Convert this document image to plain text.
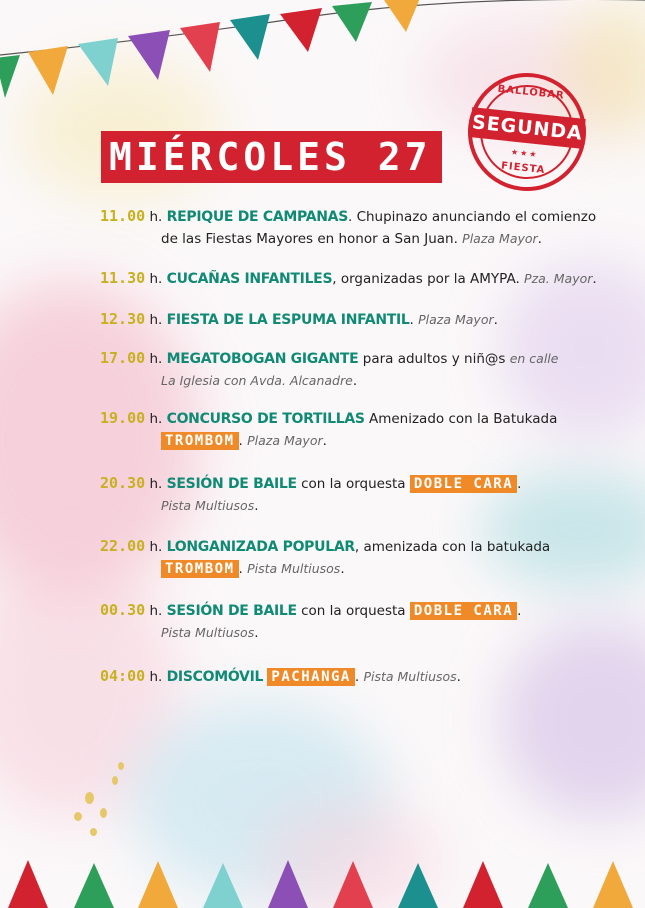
MIÉRCOLES 27
BALLOBAR
SEGUNDA
★★★
FIESTA
11.00 h. REPIQUE DE CAMPANAS. Chupinazo anunciando el comienzo
de las Fiestas Mayores en honor a San Juan. Plaza Mayor.
11.30 h. CUCAÑAS INFANTILES, organizadas por la AMYPA. Pza. Mayor.
12.30 h. FIESTA DE LA ESPUMA INFANTIL. Plaza Mayor.
17.00 h. MEGATOBOGAN GIGANTE para adultos y niñ@s en calle
La Iglesia con Avda. Alcanadre.
19.00 h. CONCURSO DE TORTILLAS Amenizado con la Batukada
TROMBOM . Plaza Mayor.
20.30 h. SESIÓN DE BAILE con la orquesta DOBLE CARA .
Pista Multiusos.
22.00 h. LONGANIZADA POPULAR, amenizada con la batukada
TROMBOM . Pista Multiusos.
00.30 h. SESIÓN DE BAILE con la orquesta DOBLE CARA .
Pista Multiusos.
04:00 h. DISCOMÓVIL PACHANGA . Pista Multiusos.
